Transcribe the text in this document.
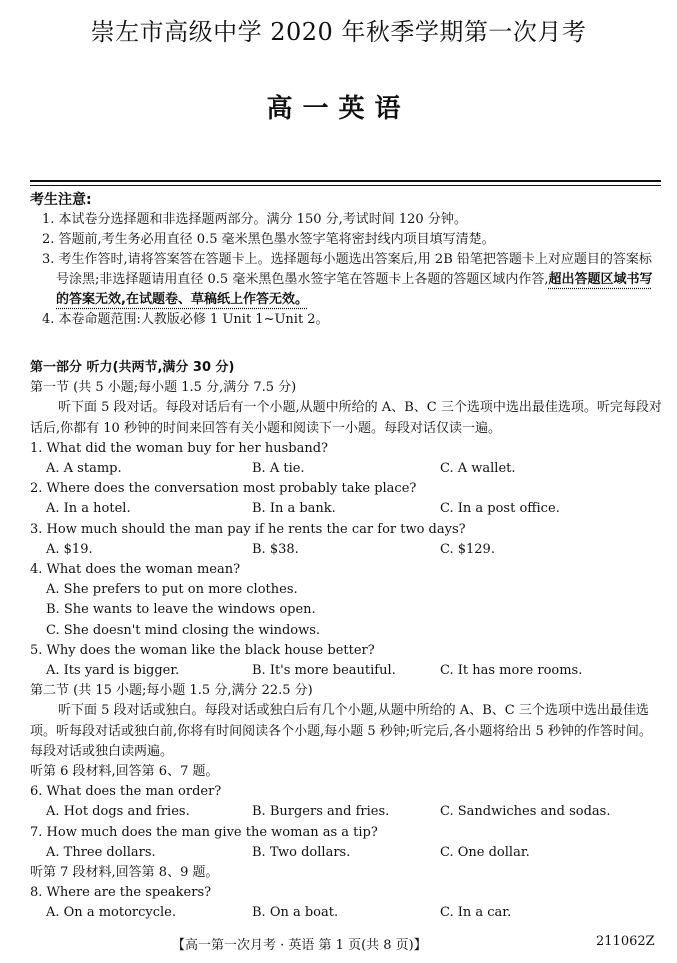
崇左市高级中学 2020 年秋季学期第一次月考
高一英语
考生注意:
1. 本试卷分选择题和非选择题两部分。满分 150 分,考试时间 120 分钟。
2. 答题前,考生务必用直径 0.5 毫米黑色墨水签字笔将密封线内项目填写清楚。
3. 考生作答时,请将答案答在答题卡上。选择题每小题选出答案后,用 2B 铅笔把答题卡上对应题目的答案标号涂黑;非选择题请用直径 0.5 毫米黑色墨水签字笔在答题卡上各题的答题区域内作答,超出答题区域书写的答案无效,在试题卷、草稿纸上作答无效。
4. 本卷命题范围:人教版必修 1 Unit 1~Unit 2。
第一部分 听力(共两节,满分 30 分)
第一节 (共 5 小题;每小题 1.5 分,满分 7.5 分)
听下面 5 段对话。每段对话后有一个小题,从题中所给的 A、B、C 三个选项中选出最佳选项。听完每段对话后,你都有 10 秒钟的时间来回答有关小题和阅读下一小题。每段对话仅读一遍。
1. What did the woman buy for her husband?
A. A stamp.	B. A tie.	C. A wallet.
2. Where does the conversation most probably take place?
A. In a hotel.	B. In a bank.	C. In a post office.
3. How much should the man pay if he rents the car for two days?
A. $19.	B. $38.	C. $129.
4. What does the woman mean?
A. She prefers to put on more clothes.
B. She wants to leave the windows open.
C. She doesn't mind closing the windows.
5. Why does the woman like the black house better?
A. Its yard is bigger.	B. It's more beautiful.	C. It has more rooms.
第二节 (共 15 小题;每小题 1.5 分,满分 22.5 分)
听下面 5 段对话或独白。每段对话或独白后有几个小题,从题中所给的 A、B、C 三个选项中选出最佳选项。听每段对话或独白前,你将有时间阅读各个小题,每小题 5 秒钟;听完后,各小题将给出 5 秒钟的作答时间。每段对话或独白读两遍。
听第 6 段材料,回答第 6、7 题。
6. What does the man order?
A. Hot dogs and fries.	B. Burgers and fries.	C. Sandwiches and sodas.
7. How much does the man give the woman as a tip?
A. Three dollars.	B. Two dollars.	C. One dollar.
听第 7 段材料,回答第 8、9 题。
8. Where are the speakers?
A. On a motorcycle.	B. On a boat.	C. In a car.
【高一第一次月考 · 英语 第 1 页(共 8 页)】	211062Z
